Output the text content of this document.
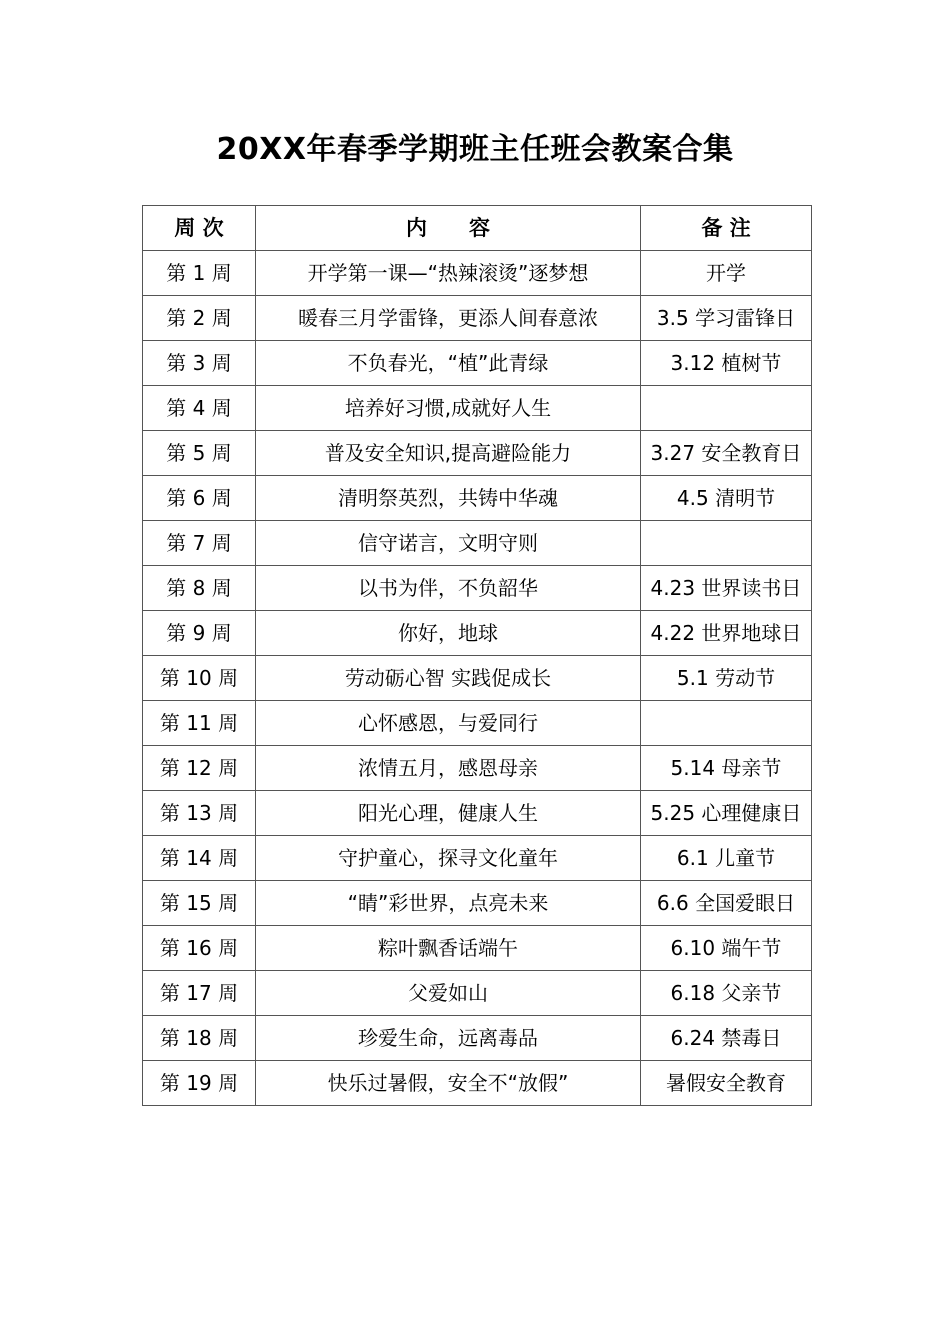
20XX年春季学期班主任班会教案合集
周 次	内　　容	备 注
第 1 周	开学第一课—“热辣滚烫”逐梦想	开学
第 2 周	暖春三月学雷锋，更添人间春意浓	3.5 学习雷锋日
第 3 周	不负春光，“植”此青绿	3.12 植树节
第 4 周	培养好习惯,成就好人生	
第 5 周	普及安全知识,提高避险能力	3.27 安全教育日
第 6 周	清明祭英烈，共铸中华魂	4.5 清明节
第 7 周	信守诺言，文明守则	
第 8 周	以书为伴，不负韶华	4.23 世界读书日
第 9 周	你好，地球	4.22 世界地球日
第 10 周	劳动砺心智 实践促成长	5.1 劳动节
第 11 周	心怀感恩，与爱同行	
第 12 周	浓情五月，感恩母亲	5.14 母亲节
第 13 周	阳光心理，健康人生	5.25 心理健康日
第 14 周	守护童心，探寻文化童年	6.1 儿童节
第 15 周	“睛”彩世界，点亮未来	6.6 全国爱眼日
第 16 周	粽叶飘香话端午	6.10 端午节
第 17 周	父爱如山	6.18 父亲节
第 18 周	珍爱生命，远离毒品	6.24 禁毒日
第 19 周	快乐过暑假，安全不“放假”	暑假安全教育
